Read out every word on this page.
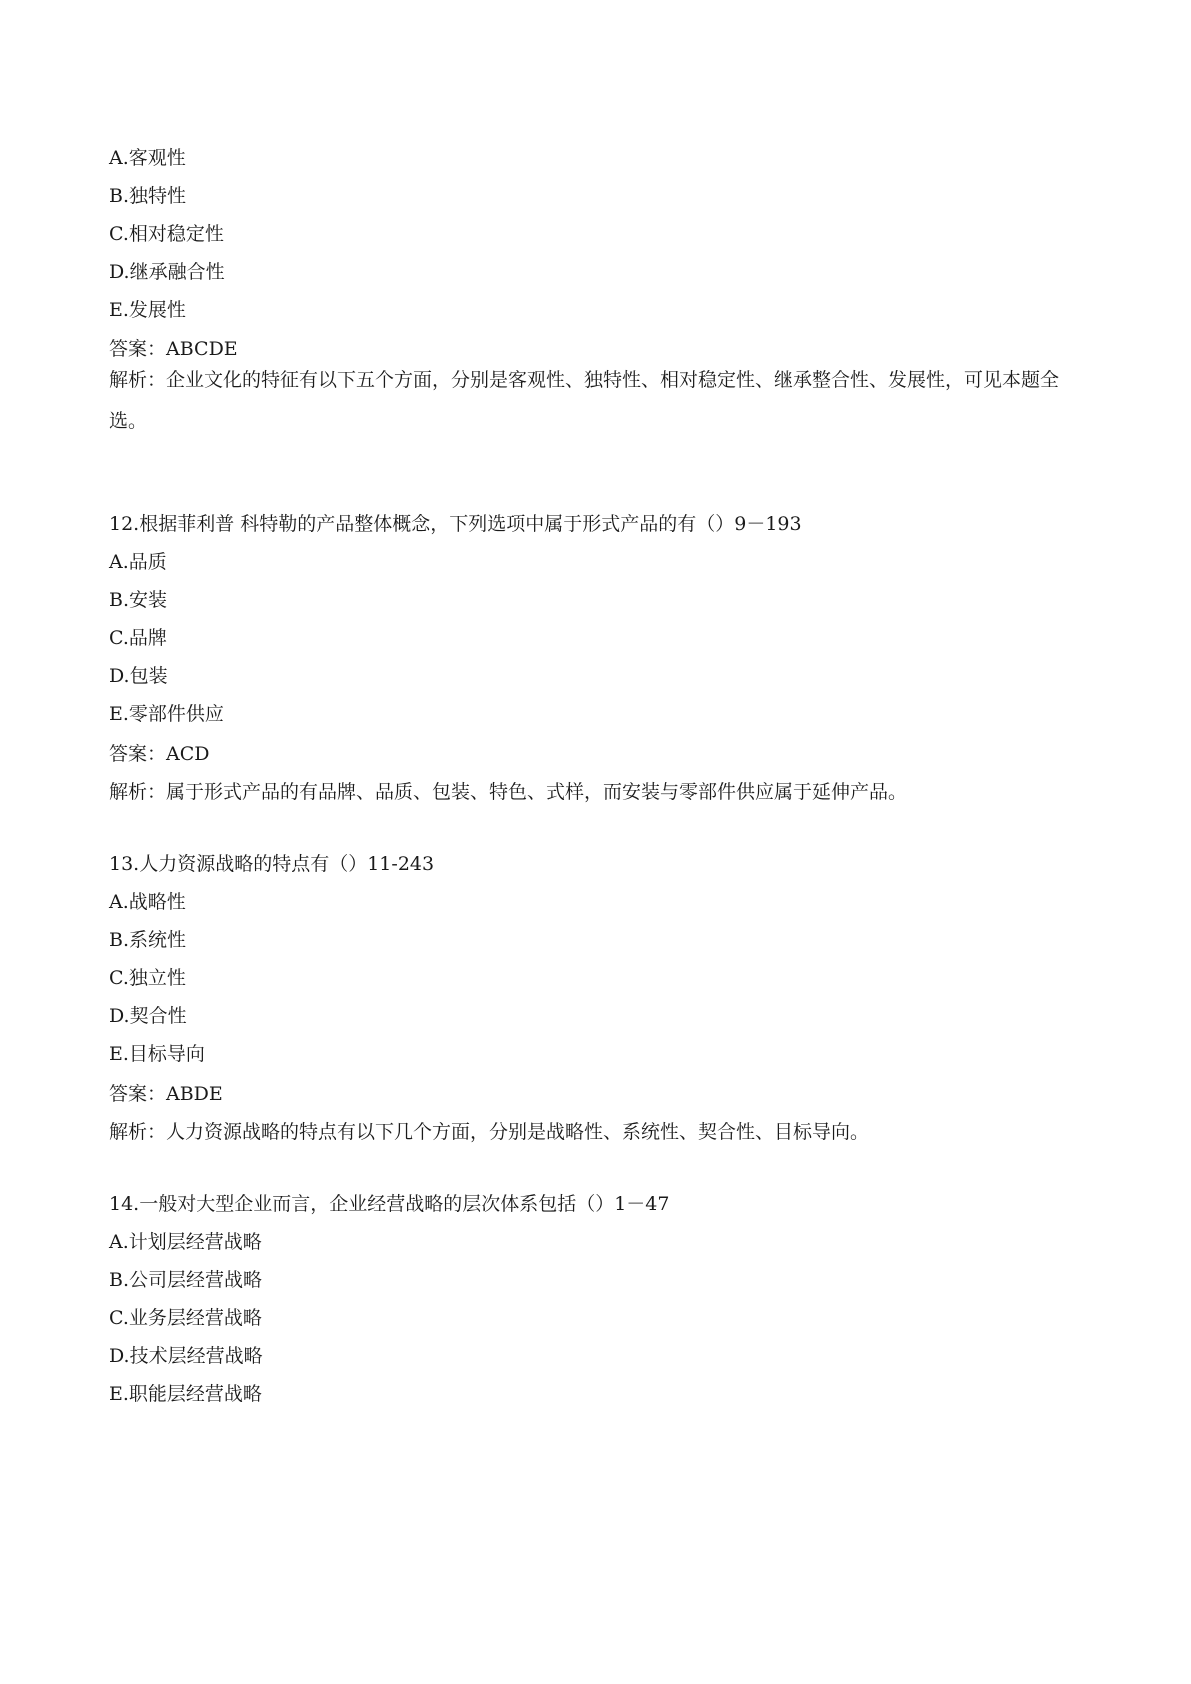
A.客观性
B.独特性
C.相对稳定性
D.继承融合性
E.发展性
答案：ABCDE
解析：企业文化的特征有以下五个方面，分别是客观性、独特性、相对稳定性、继承整合性、发展性，可见本题全选。
12.根据菲利普 科特勒的产品整体概念，下列选项中属于形式产品的有（）9－193
A.品质
B.安装
C.品牌
D.包装
E.零部件供应
答案：ACD
解析：属于形式产品的有品牌、品质、包装、特色、式样，而安装与零部件供应属于延伸产品。
13.人力资源战略的特点有（）11-243
A.战略性
B.系统性
C.独立性
D.契合性
E.目标导向
答案：ABDE
解析：人力资源战略的特点有以下几个方面，分别是战略性、系统性、契合性、目标导向。
14.一般对大型企业而言，企业经营战略的层次体系包括（）1－47
A.计划层经营战略
B.公司层经营战略
C.业务层经营战略
D.技术层经营战略
E.职能层经营战略
